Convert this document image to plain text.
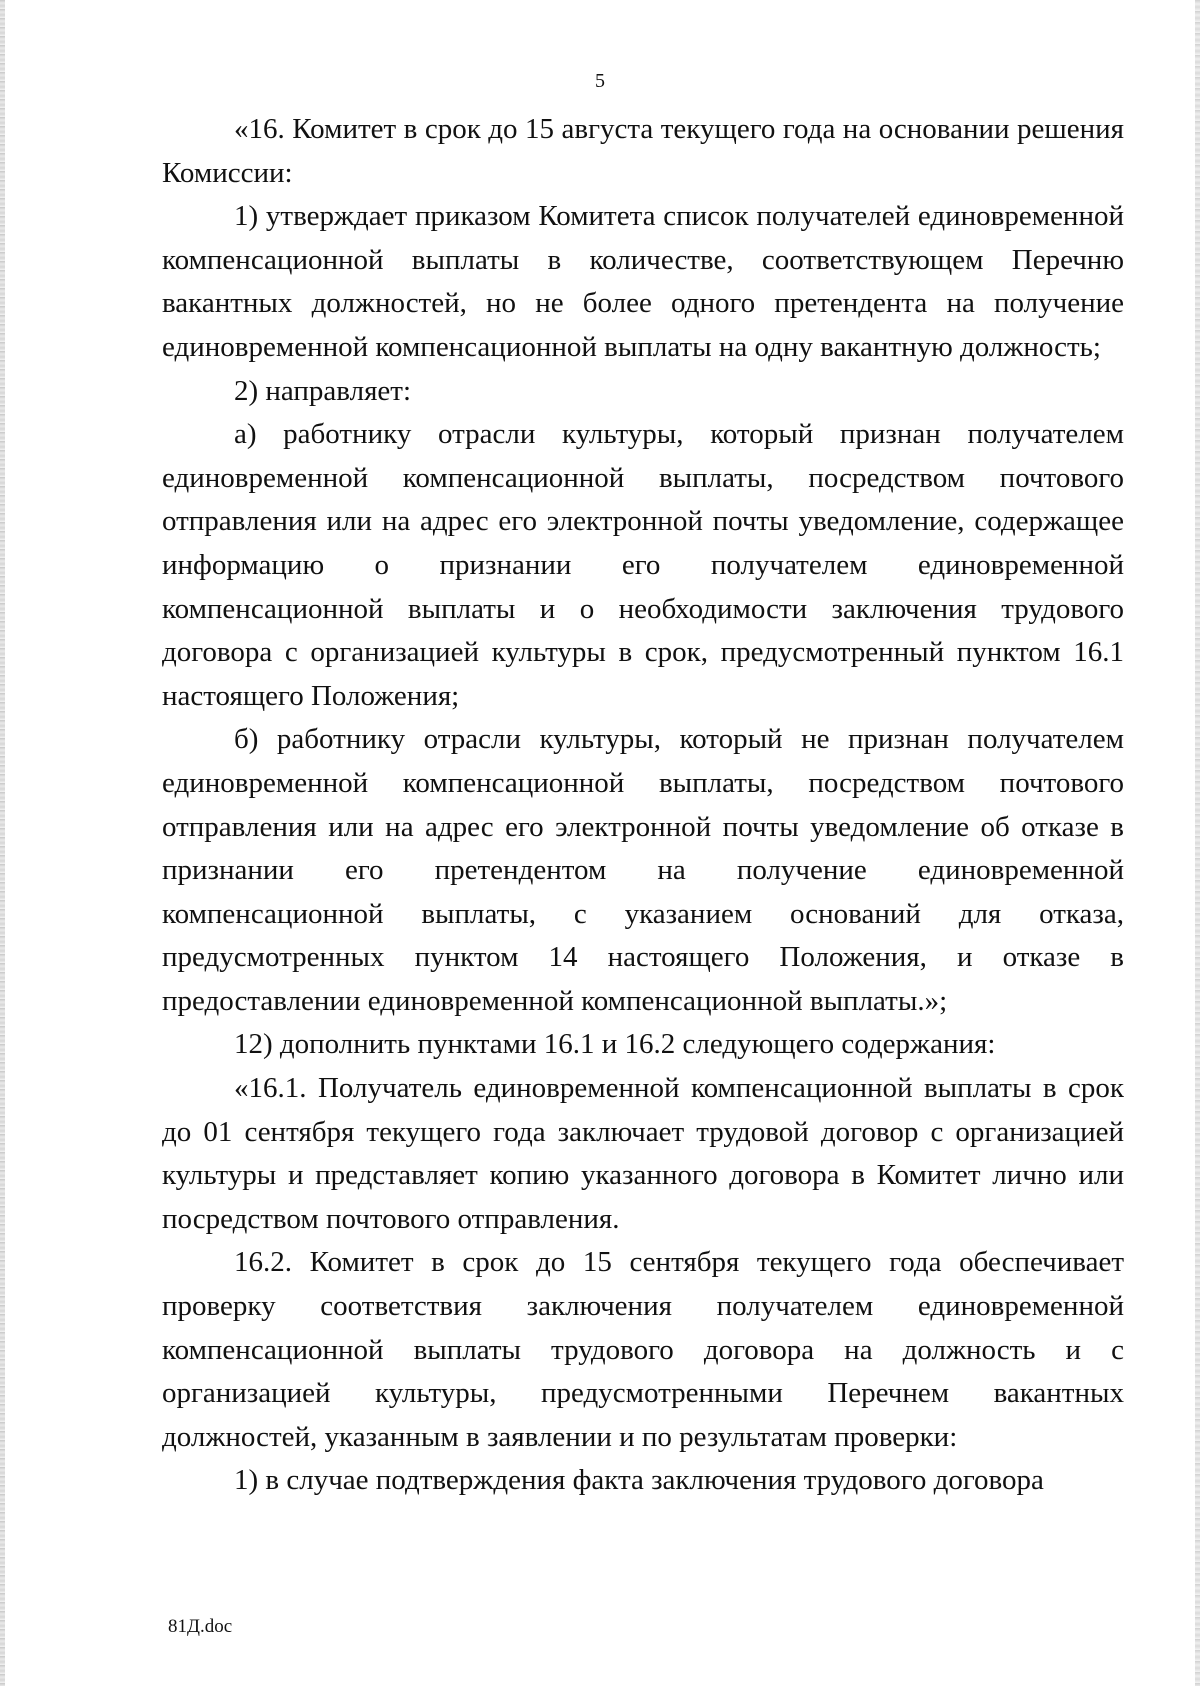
5

«16. Комитет в срок до 15 августа текущего года на основании решения Комиссии:

1) утверждает приказом Комитета список получателей единовременной компенсационной выплаты в количестве, соответствующем Перечню вакантных должностей, но не более одного претендента на получение единовременной компенсационной выплаты на одну вакантную должность;

2) направляет:

а) работнику отрасли культуры, который признан получателем единовременной компенсационной выплаты, посредством почтового отправления или на адрес его электронной почты уведомление, содержащее информацию о признании его получателем единовременной компенсационной выплаты и о необходимости заключения трудового договора с организацией культуры в срок, предусмотренный пунктом 16.1 настоящего Положения;

б) работнику отрасли культуры, который не признан получателем единовременной компенсационной выплаты, посредством почтового отправления или на адрес его электронной почты уведомление об отказе в признании его претендентом на получение единовременной компенсационной выплаты, с указанием оснований для отказа, предусмотренных пунктом 14 настоящего Положения, и отказе в предоставлении единовременной компенсационной выплаты.»;

12) дополнить пунктами 16.1 и 16.2 следующего содержания:

«16.1. Получатель единовременной компенсационной выплаты в срок до 01 сентября текущего года заключает трудовой договор с организацией культуры и представляет копию указанного договора в Комитет лично или посредством почтового отправления.

16.2. Комитет в срок до 15 сентября текущего года обеспечивает проверку соответствия заключения получателем единовременной компенсационной выплаты трудового договора на должность и с организацией культуры, предусмотренными Перечнем вакантных должностей, указанным в заявлении и по результатам проверки:

1) в случае подтверждения факта заключения трудового договора

81Д.doc
